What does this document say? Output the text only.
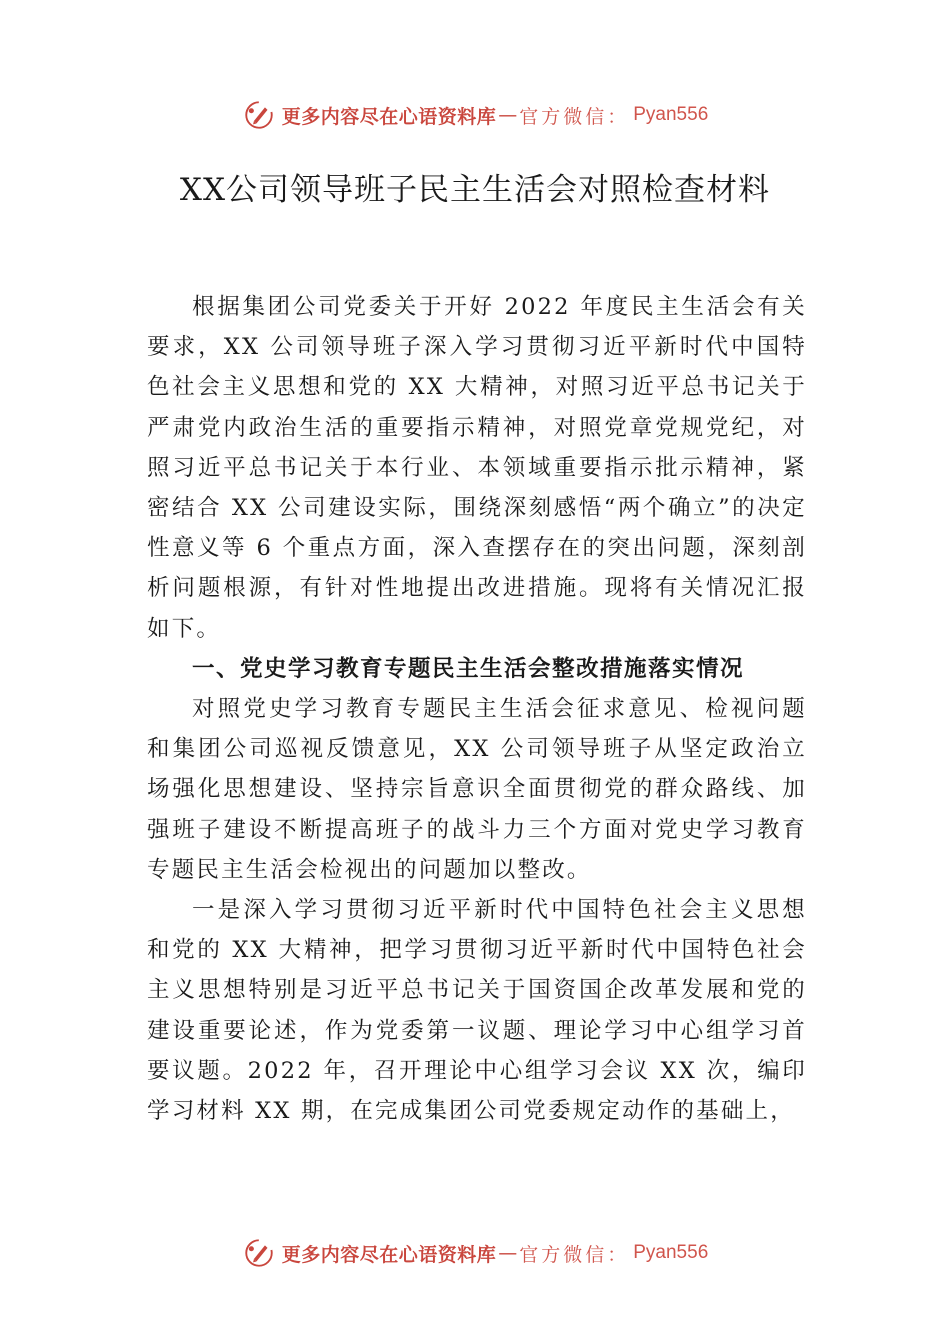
更多内容尽在心语资料库 — 官方微信： Pyan556
XX公司领导班子民主生活会对照检查材料

根据集团公司党委关于开好 2022 年度民主生活会有关要求，XX 公司领导班子深入学习贯彻习近平新时代中国特色社会主义思想和党的 XX 大精神，对照习近平总书记关于严肃党内政治生活的重要指示精神，对照党章党规党纪，对照习近平总书记关于本行业、本领域重要指示批示精神，紧密结合 XX 公司建设实际，围绕深刻感悟“两个确立”的决定性意义等 6 个重点方面，深入查摆存在的突出问题，深刻剖析问题根源，有针对性地提出改进措施。现将有关情况汇报如下。

一、党史学习教育专题民主生活会整改措施落实情况

对照党史学习教育专题民主生活会征求意见、检视问题和集团公司巡视反馈意见，XX 公司领导班子从坚定政治立场强化思想建设、坚持宗旨意识全面贯彻党的群众路线、加强班子建设不断提高班子的战斗力三个方面对党史学习教育专题民主生活会检视出的问题加以整改。

一是深入学习贯彻习近平新时代中国特色社会主义思想和党的 XX 大精神，把学习贯彻习近平新时代中国特色社会主义思想特别是习近平总书记关于国资国企改革发展和党的建设重要论述，作为党委第一议题、理论学习中心组学习首要议题。2022 年，召开理论中心组学习会议 XX 次，编印学习材料 XX 期，在完成集团公司党委规定动作的基础上，

更多内容尽在心语资料库 — 官方微信： Pyan556
